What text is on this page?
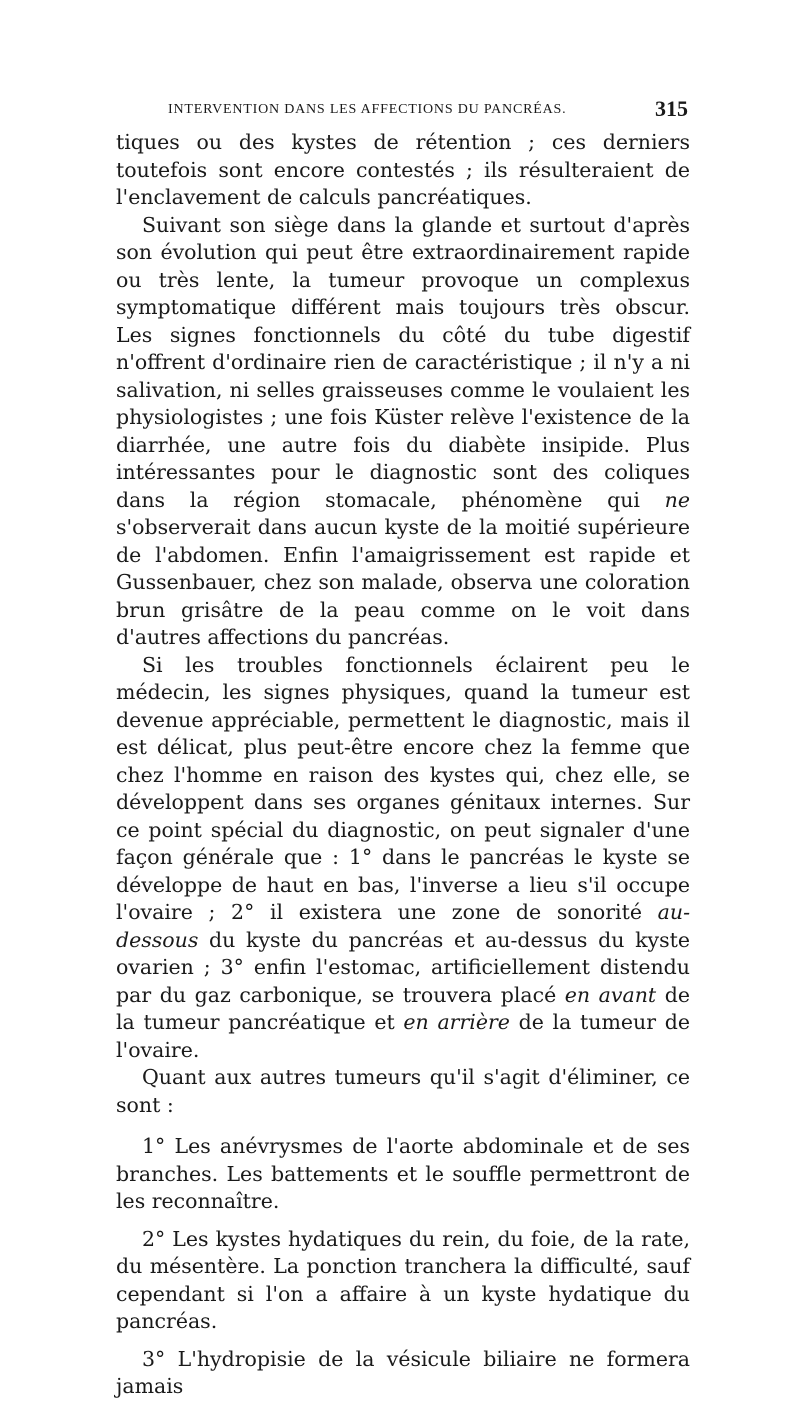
INTERVENTION DANS LES AFFECTIONS DU PANCRÉAS.	315

tiques ou des kystes de rétention ; ces derniers toutefois sont encore contestés ; ils résulteraient de l'enclavement de calculs pancréatiques.

Suivant son siège dans la glande et surtout d'après son évolution qui peut être extraordinairement rapide ou très lente, la tumeur provoque un complexus symptomatique différent mais toujours très obscur. Les signes fonctionnels du côté du tube digestif n'offrent d'ordinaire rien de caractéristique ; il n'y a ni salivation, ni selles graisseuses comme le voulaient les physiologistes ; une fois Küster relève l'existence de la diarrhée, une autre fois du diabète insipide. Plus intéressantes pour le diagnostic sont des coliques dans la région stomacale, phénomène qui ne s'observerait dans aucun kyste de la moitié supérieure de l'abdomen. Enfin l'amaigrissement est rapide et Gussenbauer, chez son malade, observa une coloration brun grisâtre de la peau comme on le voit dans d'autres affections du pancréas.

Si les troubles fonctionnels éclairent peu le médecin, les signes physiques, quand la tumeur est devenue appréciable, permettent le diagnostic, mais il est délicat, plus peut-être encore chez la femme que chez l'homme en raison des kystes qui, chez elle, se développent dans ses organes génitaux internes. Sur ce point spécial du diagnostic, on peut signaler d'une façon générale que : 1° dans le pancréas le kyste se développe de haut en bas, l'inverse a lieu s'il occupe l'ovaire ; 2° il existera une zone de sonorité au-dessous du kyste du pancréas et au-dessus du kyste ovarien ; 3° enfin l'estomac, artificiellement distendu par du gaz carbonique, se trouvera placé en avant de la tumeur pancréatique et en arrière de la tumeur de l'ovaire.

Quant aux autres tumeurs qu'il s'agit d'éliminer, ce sont :

1° Les anévrysmes de l'aorte abdominale et de ses branches. Les battements et le souffle permettront de les reconnaître.

2° Les kystes hydatiques du rein, du foie, de la rate, du mésentère. La ponction tranchera la difficulté, sauf cependant si l'on a affaire à un kyste hydatique du pancréas.

3° L'hydropisie de la vésicule biliaire ne formera jamais
